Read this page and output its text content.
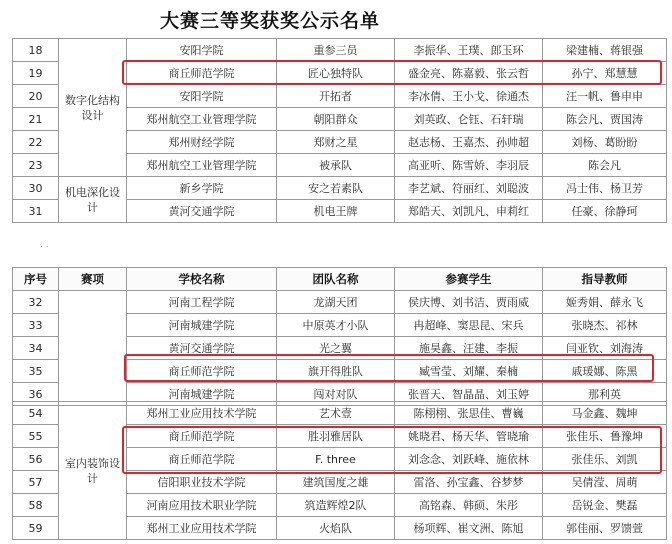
大赛三等奖获奖公示名单
18	数字化结构设计	安阳学院	重参三员	李振华、王璞、郎玉环	梁建楠、蒋银强
19		商丘师范学院	匠心独特队	盛金亮、陈嘉毅、张云哲	孙宁、郑慧慧
20		安阳学院	开拓者	李冰倩、王小戈、徐通杰	汪一帆、鲁申申
21		郑州航空工业管理学院	朝阳群众	刘英政、仑钰、石轩瑞	陈会凡、贾国涛
22		郑州财经学院	郑财之星	赵志杨、王嘉杰、孙帅超	刘杨、葛盼盼
23		郑州航空工业管理学院	被承队	高亚听、陈雪娇、李羽辰	陈会凡
30	机电深化设计	新乡学院	安之若素队	李艺斌、符丽红、刘聪波	冯士伟、杨卫芳
31		黄河交通学院	机电王牌	郑皓天、刘凯凡、申莉红	任豪、徐静珂
. .
序号	赛项	学校名称	团队名称	参赛学生	指导教师
32		河南工程学院	龙湖天团	侯庆博、刘书洁、贾雨威	姬秀娟、薛永飞
33		河南城建学院	中原英才小队	冉超峰、窦思昆、宋兵	张晓杰、祁林
34		黄河交通学院	光之翼	施昊鑫、汪建、李振	闫亚钦、刘海涛
35		商丘师范学院	旗开得胜队	臧雪莹、刘耀、秦楠	戚瑗娜、陈黑
36		河南城建学院	闯对对队	张晋天、智晶晶、刘玉婷	那利英
54	室内装饰设计	郑州工业应用技术学院	艺术壹	陈栩栩、张思佳、曹巍	马金鑫、魏坤
55		商丘师范学院	胜羽雅居队	姚晓君、杨天华、管晓瑜	张佳乐、鲁豫坤
56		商丘师范学院	F. three	刘念念、刘跃峰、施依林	张佳乐、刘凯
57		信阳职业技术学院	建筑国度之雄	雷洛、孙宝鑫、谷梦梦	吴倩滢、周萌
58		河南应用技术职业学院	筑造辉煌2队	高铭森、韩硕、朱彤	岳锐金、樊磊
59		郑州工业应用技术学院	火焰队	杨项辉、崔文洲、陈旭	郭佳丽、罗馈萱
